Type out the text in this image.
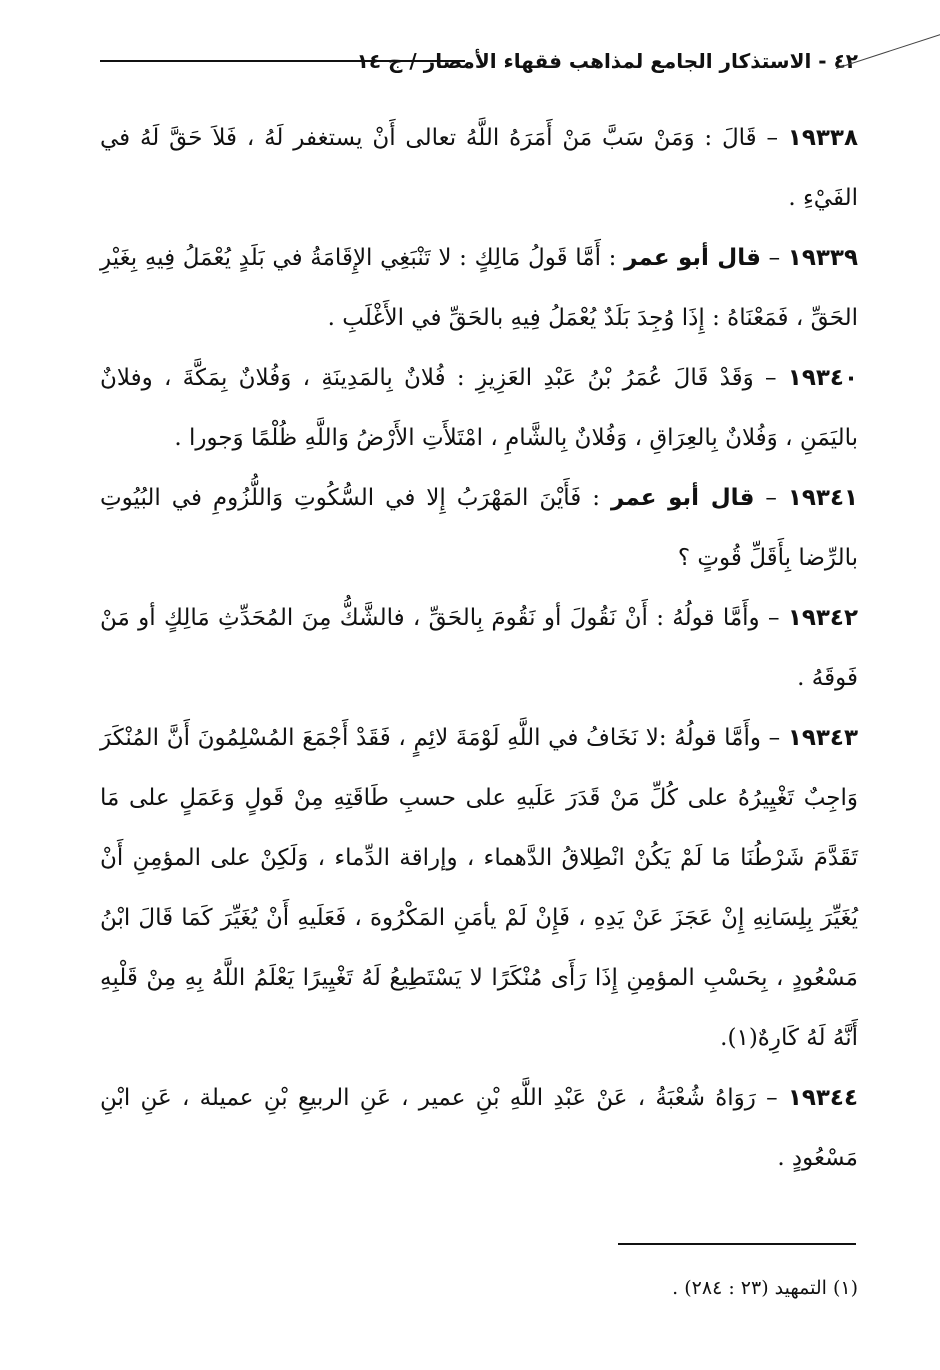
٤٢ - الاستذكار الجامع لمذاهب فقهاء الأمصار / ج ١٤

١٩٣٣٨ – قَالَ : وَمَنْ سَبَّ مَنْ أَمَرَهُ اللَّهُ تعالى أَنْ يستغفر لَهُ ، فَلاَ حَقَّ لَهُ في الفَيْءِ .

١٩٣٣٩ – قال أبو عمر : أَمَّا قَولُ مَالِكٍ : لا تَنْبَغِي الإِقَامَةُ في بَلَدٍ يُعْمَلُ فِيهِ بِغَيْرِ الحَقِّ ، فَمَعْنَاهُ : إِذَا وُجِدَ بَلَدٌ يُعْمَلُ فِيهِ بالحَقِّ في الأَغْلَبِ .

١٩٣٤٠ – وَقَدْ قَالَ عُمَرُ بْنُ عَبْدِ العَزِيزِ : فُلانٌ بِالمَدِينَةِ ، وَفُلانٌ بِمَكَّةَ ، وفلانٌ باليَمَنِ ، وَفُلانٌ بِالعِرَاقِ ، وَفُلانٌ بِالشَّامِ ، امْتَلأَتِ الأَرْضُ وَاللَّهِ ظُلْمًا وَجورا .

١٩٣٤١ – قال أبو عمر : فَأَيْنَ المَهْرَبُ إِلا في السُّكُوتِ وَاللُّزُومِ في البُيُوتِ بالرِّضا بِأَقَلِّ قُوتٍ ؟

١٩٣٤٢ – وأَمَّا قولُهُ : أَنْ نَقُولَ أو نَقُومَ بِالحَقِّ ، فالشَّكُّ مِنَ المُحَدِّثِ مَالِكٍ أو مَنْ فَوقَهُ .

١٩٣٤٣ – وأَمَّا قولُهُ :لا نَخَافُ في اللَّهِ لَوْمَةَ لائِمٍ ، فَقَدْ أَجْمَعَ المُسْلِمُونَ أَنَّ المُنْكَرَ وَاجِبٌ تَغْيِيرُهُ على كُلِّ مَنْ قَدَرَ عَلَيهِ على حسبِ طَاقَتِهِ مِنْ قَولٍ وَعَمَلٍ على مَا تَقَدَّمَ شَرْطُنَا مَا لَمْ يَكُنْ انْطِلاقُ الدَّهماء ، وإراقة الدِّماء ، وَلَكِنْ على المؤمِنِ أَنْ يُغَيِّرَ بِلِسَانِهِ إِنْ عَجَزَ عَنْ يَدِهِ ، فَإِنْ لَمْ يأمَنِ المَكْرُوهَ ، فَعَلَيهِ أَنْ يُغَيِّرَ كَمَا قَالَ ابْنُ مَسْعُودٍ ، بِحَسْبِ المؤمِنِ إِذَا رَأَى مُنْكَرًا لا يَسْتَطِيعُ لَهُ تَغْيِيرًا يَعْلَمُ اللَّهُ بِهِ مِنْ قَلْبِهِ أَنَّهُ لَهُ كَارِهٌ(١).

١٩٣٤٤ – رَوَاهُ شُعْبَةُ ، عَنْ عَبْدِ اللَّهِ بْنِ عمير ، عَنِ الربيعِ بْنِ عميلة ، عَنِ ابْنِ مَسْعُودٍ .

(١) التمهيد (٢٣ : ٢٨٤) .
